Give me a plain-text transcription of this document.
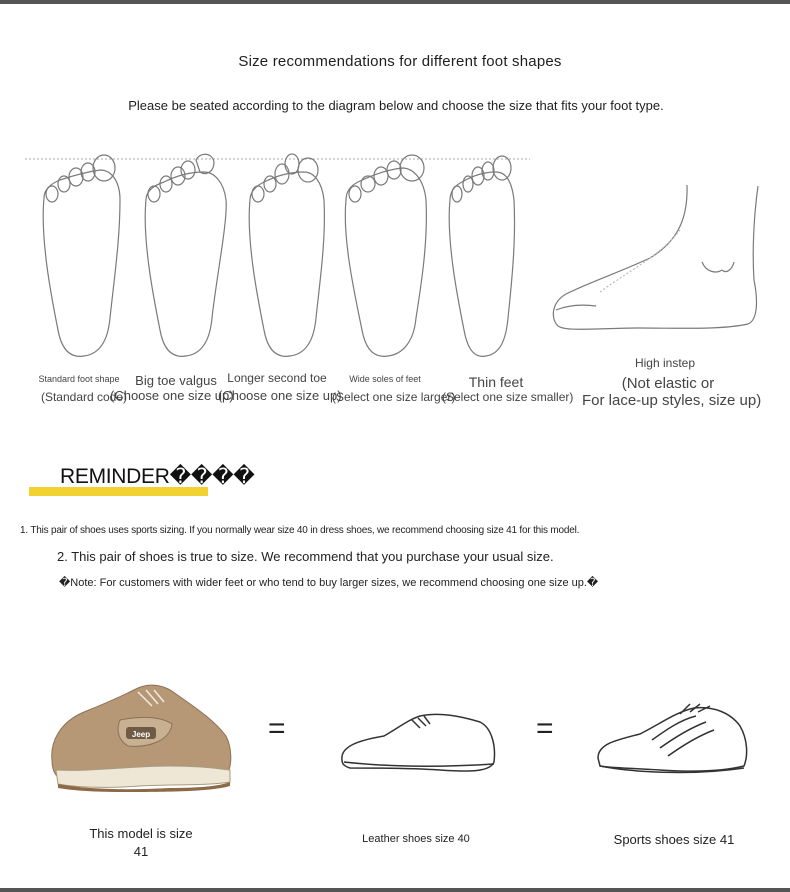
Size recommendations for different foot shapes
Please be seated according to the diagram below and choose the size that fits your foot type.
Standard foot shape
(Standard code)
Big toe valgus
(Choose one size up)
Longer second toe
(Choose one size up)
Wide soles of feet
(Select one size larger)
Thin feet
(Select one size smaller)
High instep
(Not elastic or
For lace-up styles, size up)
REMINDER����
1. This pair of shoes uses sports sizing. If you normally wear size 40 in dress shoes, we recommend choosing size 41 for this model.
2. This pair of shoes is true to size. We recommend that you purchase your usual size.
�Note: For customers with wider feet or who tend to buy larger sizes, we recommend choosing one size up.�
Jeep	=	=
This model is size
41
Leather shoes size 40	Sports shoes size 41
